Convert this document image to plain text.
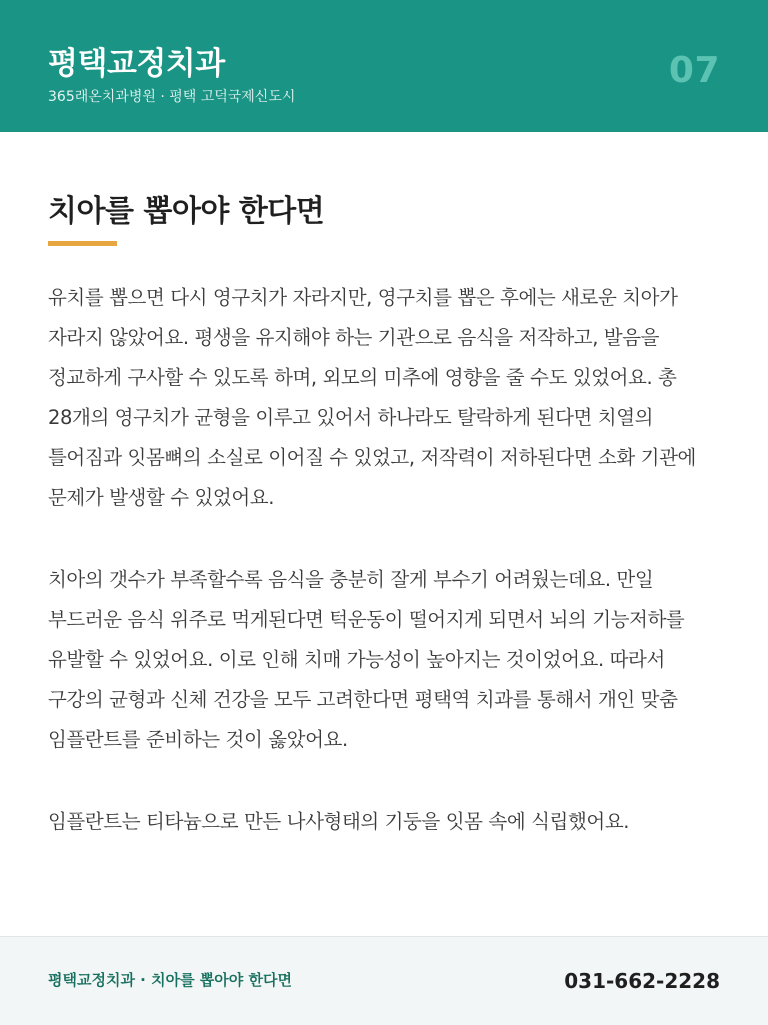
평택교정치과
365래온치과병원 · 평택 고덕국제신도시
07
치아를 뽑아야 한다면

유치를 뽑으면 다시 영구치가 자라지만, 영구치를 뽑은 후에는 새로운 치아가 자라지 않았어요. 평생을 유지해야 하는 기관으로 음식을 저작하고, 발음을 정교하게 구사할 수 있도록 하며, 외모의 미추에 영향을 줄 수도 있었어요. 총 28개의 영구치가 균형을 이루고 있어서 하나라도 탈락하게 된다면 치열의 틀어짐과 잇몸뼈의 소실로 이어질 수 있었고, 저작력이 저하된다면 소화 기관에 문제가 발생할 수 있었어요.

치아의 갯수가 부족할수록 음식을 충분히 잘게 부수기 어려웠는데요. 만일 부드러운 음식 위주로 먹게된다면 턱운동이 떨어지게 되면서 뇌의 기능저하를 유발할 수 있었어요. 이로 인해 치매 가능성이 높아지는 것이었어요. 따라서 구강의 균형과 신체 건강을 모두 고려한다면 평택역 치과를 통해서 개인 맞춤 임플란트를 준비하는 것이 옳았어요.

임플란트는 티타늄으로 만든 나사형태의 기둥을 잇몸 속에 식립했어요.

평택교정치과 · 치아를 뽑아야 한다면	031-662-2228
